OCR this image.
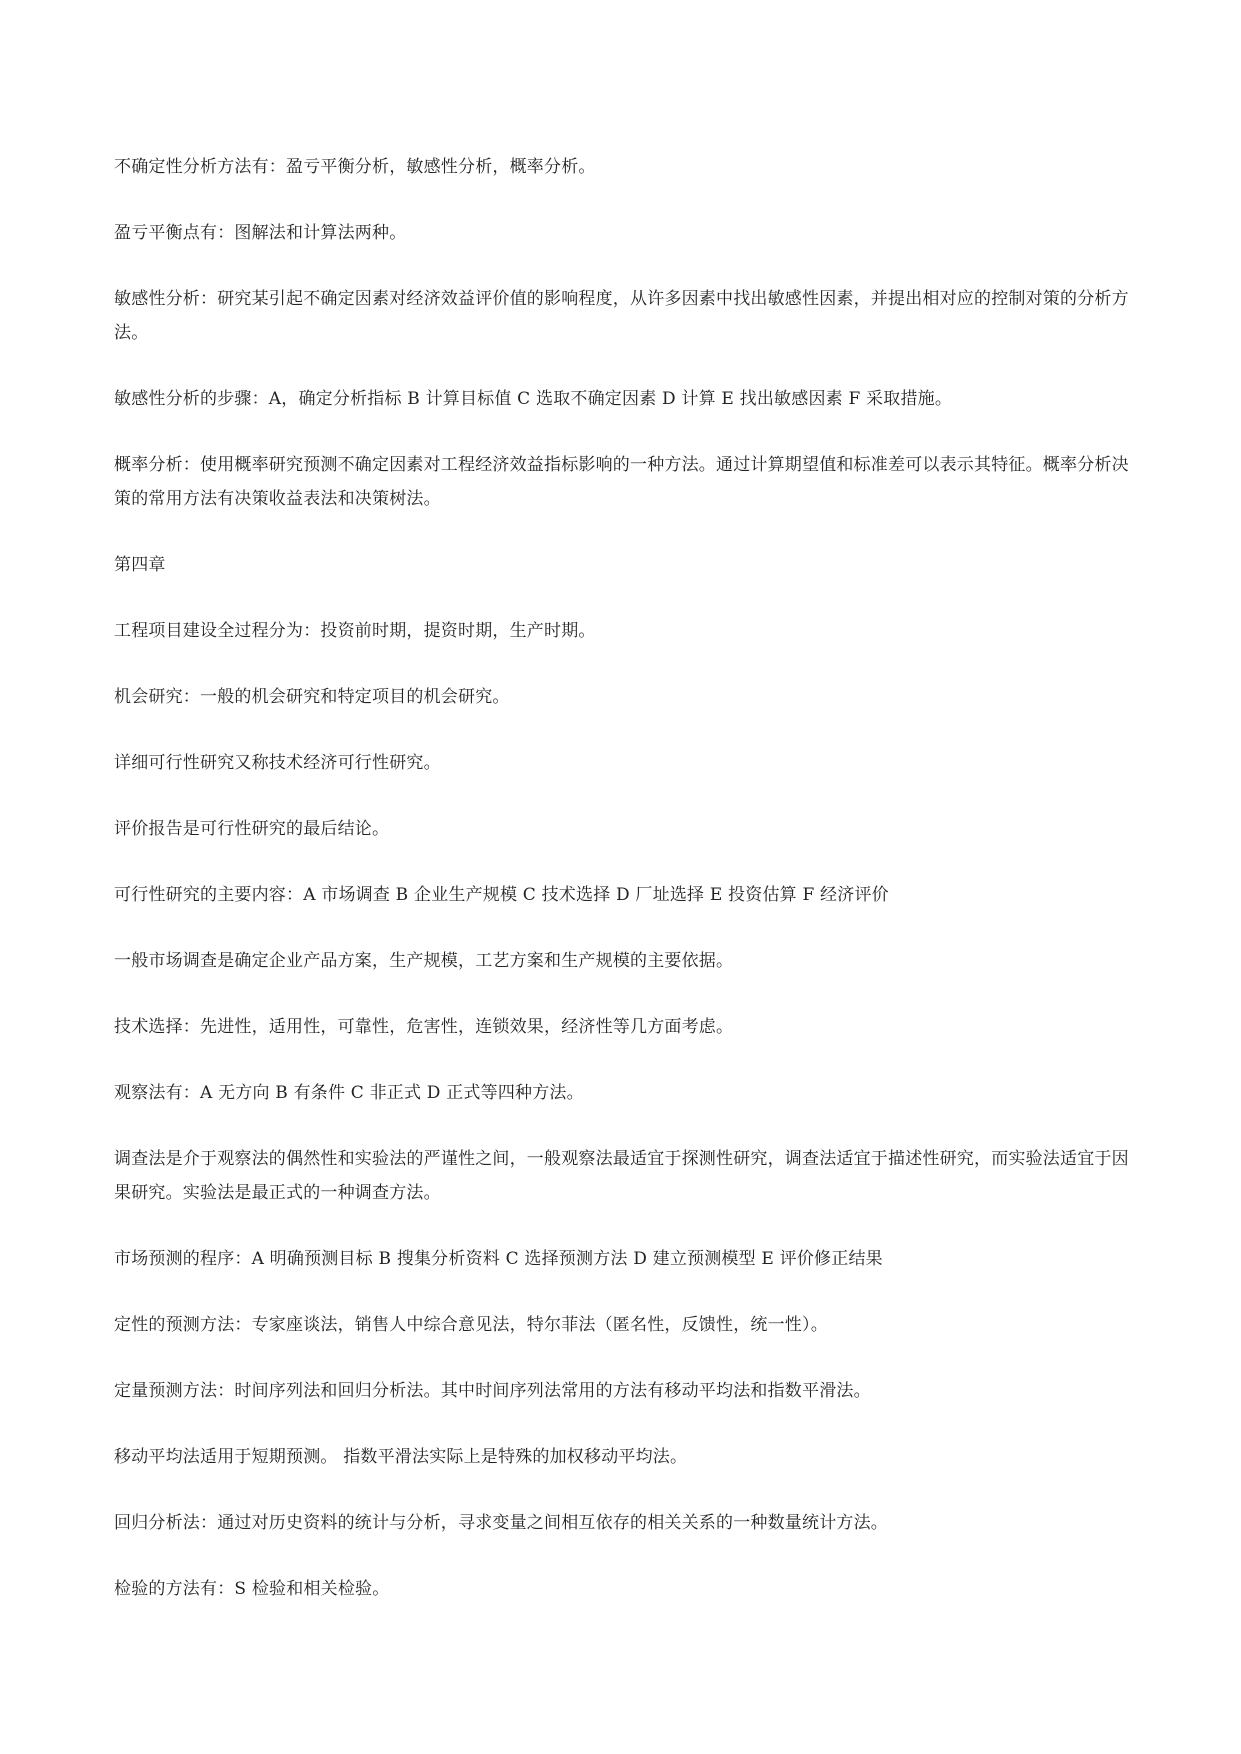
不确定性分析方法有：盈亏平衡分析，敏感性分析，概率分析。

盈亏平衡点有：图解法和计算法两种。

敏感性分析：研究某引起不确定因素对经济效益评价值的影响程度，从许多因素中找出敏感性因素，并提出相对应的控制对策的分析方法。

敏感性分析的步骤：A，确定分析指标 B 计算目标值 C 选取不确定因素 D 计算 E 找出敏感因素 F 采取措施。

概率分析：使用概率研究预测不确定因素对工程经济效益指标影响的一种方法。通过计算期望值和标准差可以表示其特征。概率分析决策的常用方法有决策收益表法和决策树法。

第四章

工程项目建设全过程分为：投资前时期，提资时期，生产时期。

机会研究：一般的机会研究和特定项目的机会研究。

详细可行性研究又称技术经济可行性研究。

评价报告是可行性研究的最后结论。

可行性研究的主要内容：A 市场调查 B 企业生产规模 C 技术选择 D 厂址选择 E 投资估算 F 经济评价

一般市场调查是确定企业产品方案，生产规模，工艺方案和生产规模的主要依据。

技术选择：先进性，适用性，可靠性，危害性，连锁效果，经济性等几方面考虑。

观察法有：A 无方向 B 有条件 C 非正式 D 正式等四种方法。

调查法是介于观察法的偶然性和实验法的严谨性之间，一般观察法最适宜于探测性研究，调查法适宜于描述性研究，而实验法适宜于因果研究。实验法是最正式的一种调查方法。

市场预测的程序：A 明确预测目标 B 搜集分析资料 C 选择预测方法 D 建立预测模型 E 评价修正结果

定性的预测方法：专家座谈法，销售人中综合意见法，特尔菲法（匿名性，反馈性，统一性）。

定量预测方法：时间序列法和回归分析法。其中时间序列法常用的方法有移动平均法和指数平滑法。

移动平均法适用于短期预测。 指数平滑法实际上是特殊的加权移动平均法。

回归分析法：通过对历史资料的统计与分析，寻求变量之间相互依存的相关关系的一种数量统计方法。

检验的方法有：S 检验和相关检验。
